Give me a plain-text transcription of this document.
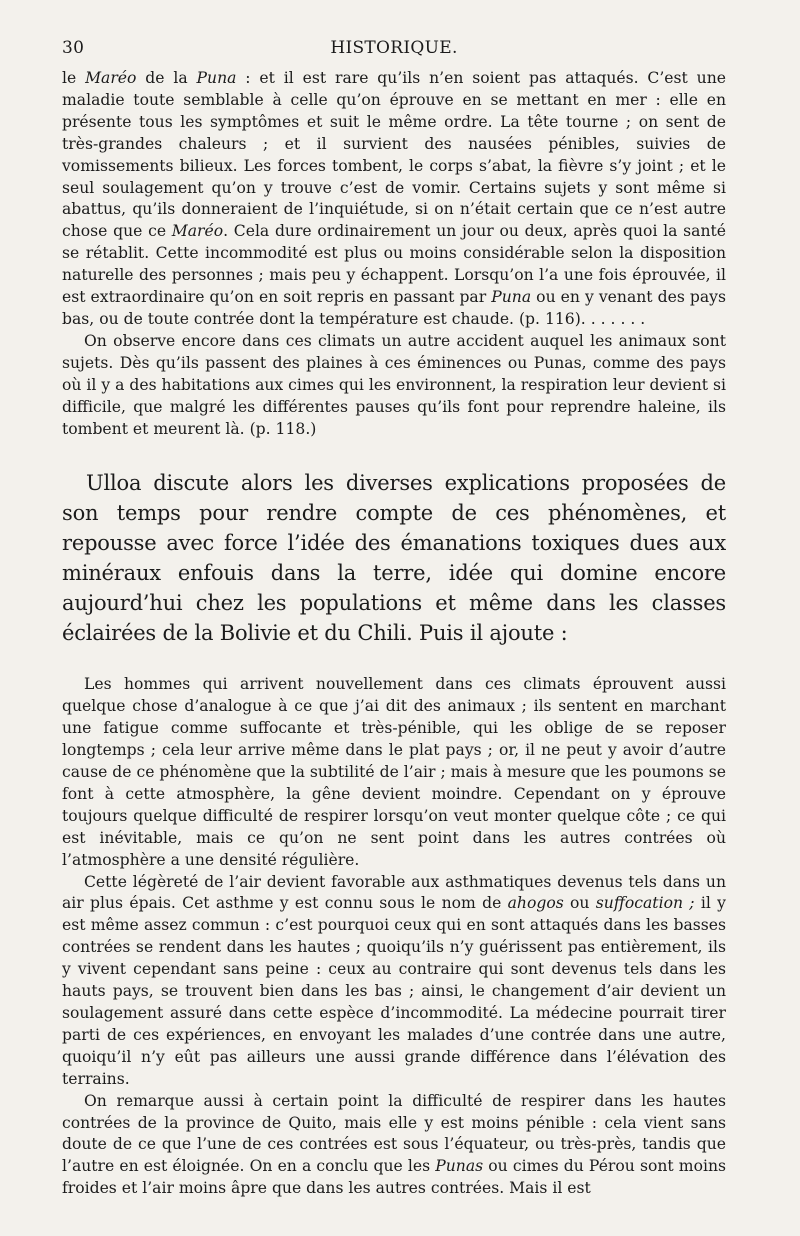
30	HISTORIQUE.

le Maréo de la Puna : et il est rare qu’ils n’en soient pas attaqués. C’est une maladie toute semblable à celle qu’on éprouve en se mettant en mer : elle en présente tous les symptômes et suit le même ordre. La tête tourne ; on sent de très-grandes chaleurs ; et il survient des nausées pénibles, suivies de vomissements bilieux. Les forces tombent, le corps s’abat, la fièvre s’y joint ; et le seul soulagement qu’on y trouve c’est de vomir. Certains sujets y sont même si abattus, qu’ils donneraient de l’inquiétude, si on n’était certain que ce n’est autre chose que ce Maréo. Cela dure ordinairement un jour ou deux, après quoi la santé se rétablit. Cette incommodité est plus ou moins considérable selon la disposition naturelle des personnes ; mais peu y échappent. Lorsqu’on l’a une fois éprouvée, il est extraordinaire qu’on en soit repris en passant par Puna ou en y venant des pays bas, ou de toute contrée dont la température est chaude. (p. 116). . . . . . .

On observe encore dans ces climats un autre accident auquel les animaux sont sujets. Dès qu’ils passent des plaines à ces éminences ou Punas, comme des pays où il y a des habitations aux cimes qui les environnent, la respiration leur devient si difficile, que malgré les différentes pauses qu’ils font pour reprendre haleine, ils tombent et meurent là. (p. 118.)

Ulloa discute alors les diverses explications proposées de son temps pour rendre compte de ces phénomènes, et repousse avec force l’idée des émanations toxiques dues aux minéraux enfouis dans la terre, idée qui domine encore aujourd’hui chez les populations et même dans les classes éclairées de la Bolivie et du Chili. Puis il ajoute :

Les hommes qui arrivent nouvellement dans ces climats éprouvent aussi quelque chose d’analogue à ce que j’ai dit des animaux ; ils sentent en marchant une fatigue comme suffocante et très-pénible, qui les oblige de se reposer longtemps ; cela leur arrive même dans le plat pays ; or, il ne peut y avoir d’autre cause de ce phénomène que la subtilité de l’air ; mais à mesure que les poumons se font à cette atmosphère, la gêne devient moindre. Cependant on y éprouve toujours quelque difficulté de respirer lorsqu’on veut monter quelque côte ; ce qui est inévitable, mais ce qu’on ne sent point dans les autres contrées où l’atmosphère a une densité régulière.

Cette légèreté de l’air devient favorable aux asthmatiques devenus tels dans un air plus épais. Cet asthme y est connu sous le nom de ahogos ou suffocation ; il y est même assez commun : c’est pourquoi ceux qui en sont attaqués dans les basses contrées se rendent dans les hautes ; quoiqu’ils n’y guérissent pas entièrement, ils y vivent cependant sans peine : ceux au contraire qui sont devenus tels dans les hauts pays, se trouvent bien dans les bas ; ainsi, le changement d’air devient un soulagement assuré dans cette espèce d’incommodité. La médecine pourrait tirer parti de ces expériences, en envoyant les malades d’une contrée dans une autre, quoiqu’il n’y eût pas ailleurs une aussi grande différence dans l’élévation des terrains.

On remarque aussi à certain point la difficulté de respirer dans les hautes contrées de la province de Quito, mais elle y est moins pénible : cela vient sans doute de ce que l’une de ces contrées est sous l’équateur, ou très-près, tandis que l’autre en est éloignée. On en a conclu que les Punas ou cimes du Pérou sont moins froides et l’air moins âpre que dans les autres contrées. Mais il est
